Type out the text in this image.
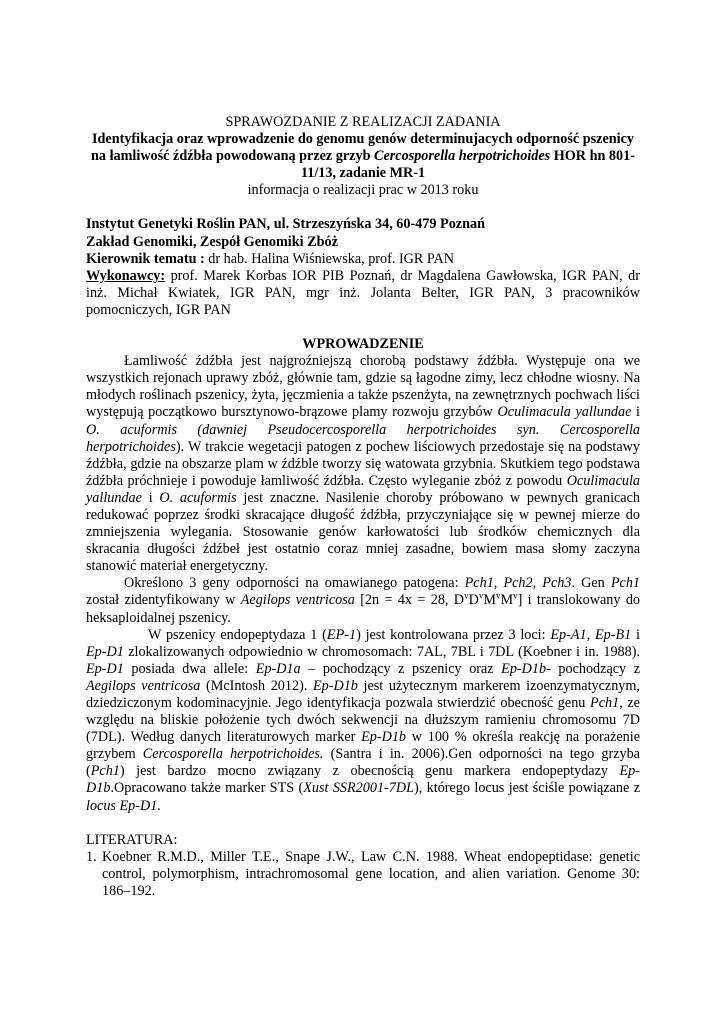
SPRAWOZDANIE Z REALIZACJI ZADANIA

Identyfikacja oraz wprowadzenie do genomu genów determinujacych odporność pszenicy

na łamliwość źdźbła powodowaną przez grzyb Cercosporella herpotrichoides HOR hn 801-

11/13, zadanie MR-1

informacja o realizacji prac w 2013 roku

Instytut Genetyki Roślin PAN, ul. Strzeszyńska 34, 60-479 Poznań

Zakład Genomiki, Zespół Genomiki Zbóż

Kierownik tematu : dr hab. Halina Wiśniewska, prof. IGR PAN

Wykonawcy: prof. Marek Korbas IOR PIB Poznań, dr Magdalena Gawłowska, IGR PAN, dr inż. Michał Kwiatek, IGR PAN, mgr inż. Jolanta Belter, IGR PAN, 3 pracowników pomocniczych, IGR PAN

WPROWADZENIE

Łamliwość źdźbła jest najgroźniejszą chorobą podstawy źdźbła. Występuje ona we wszystkich rejonach uprawy zbóż, głównie tam, gdzie są łagodne zimy, lecz chłodne wiosny. Na młodych roślinach pszenicy, żyta, jęczmienia a także pszenżyta, na zewnętrznych pochwach liści występują początkowo bursztynowo-brązowe plamy rozwoju grzybów Oculimacula yallundae i O. acuformis (dawniej Pseudocercosporella herpotrichoides syn. Cercosporella herpotrichoides). W trakcie wegetacji patogen z pochew liściowych przedostaje się na podstawy źdźbła, gdzie na obszarze plam w źdźble tworzy się watowata grzybnia. Skutkiem tego podstawa źdźbła próchnieje i powoduje łamliwość źdźbła. Często wyleganie zbóż z powodu Oculimacula yallundae i O. acuformis jest znaczne. Nasilenie choroby próbowano w pewnych granicach redukować poprzez środki skracające długość źdźbła, przyczyniające się w pewnej mierze do zmniejszenia wylegania. Stosowanie genów karłowatości lub środków chemicznych dla skracania długości źdźbeł jest ostatnio coraz mniej zasadne, bowiem masa słomy zaczyna stanowić materiał energetyczny.

Określono 3 geny odporności na omawianego patogena: Pch1, Pch2, Pch3. Gen Pch1 został zidentyfikowany w Aegilops ventricosa [2n = 4x = 28, $D^vD^vM^vM^v$] i translokowany do heksaploidalnej pszenicy.

W pszenicy endopeptydaza 1 (EP-1) jest kontrolowana przez 3 loci: Ep-A1, Ep-B1 i Ep-D1 zlokalizowanych odpowiednio w chromosomach: 7AL, 7BL i 7DL (Koebner i in. 1988). Ep-D1 posiada dwa allele: Ep-D1a – pochodzący z pszenicy oraz Ep-D1b- pochodzący z Aegilops ventricosa (McIntosh 2012). Ep-D1b jest użytecznym markerem izoenzymatycznym, dziedziczonym kodominacyjnie. Jego identyfikacja pozwala stwierdzić obecność genu Pch1, ze względu na bliskie położenie tych dwóch sekwencji na dłuższym ramieniu chromosomu 7D (7DL). Według danych literaturowych marker Ep-D1b w 100 % określa reakcję na porażenie grzybem Cercosporella herpotrichoides. (Santra i in. 2006).Gen odporności na tego grzyba (Pch1) jest bardzo mocno związany z obecnością genu markera endopeptydazy Ep-D1b.Opracowano także marker STS (Xust SSR2001-7DL), którego locus jest ściśle powiązane z locus Ep-D1.

LITERATURA:

1. Koebner R.M.D., Miller T.E., Snape J.W., Law C.N. 1988. Wheat endopeptidase: genetic control, polymorphism, intrachromosomal gene location, and alien variation. Genome 30: 186–192.
